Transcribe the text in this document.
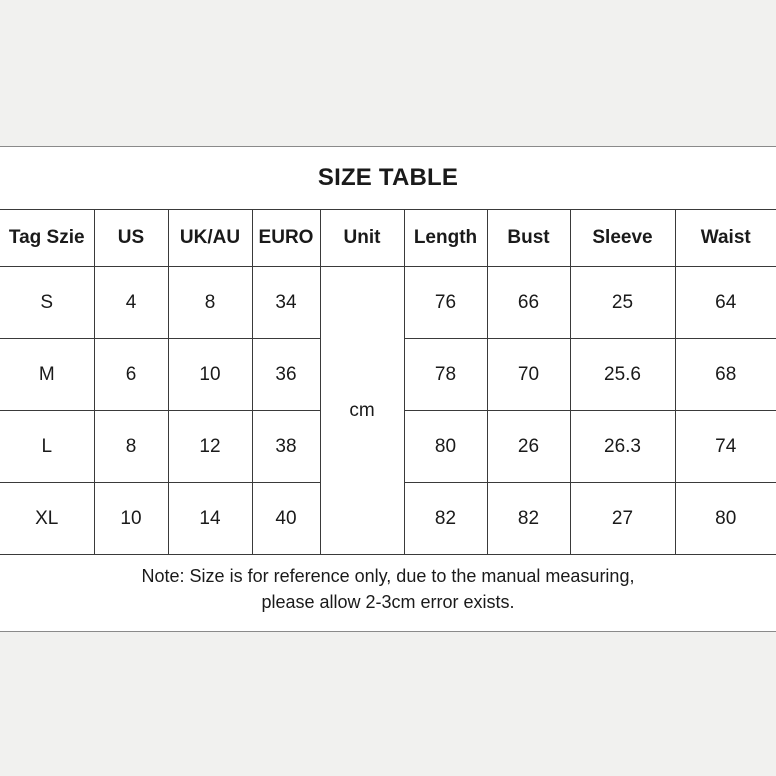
SIZE TABLE
Tag Szie	US	UK/AU	EURO	Unit	Length	Bust	Sleeve	Waist
S	4	8	34	cm	76	66	25	64
M	6	10	36		78	70	25.6	68
L	8	12	38		80	26	26.3	74
XL	10	14	40		82	82	27	80
Note: Size is for reference only, due to the manual measuring,
please allow 2-3cm error exists.
